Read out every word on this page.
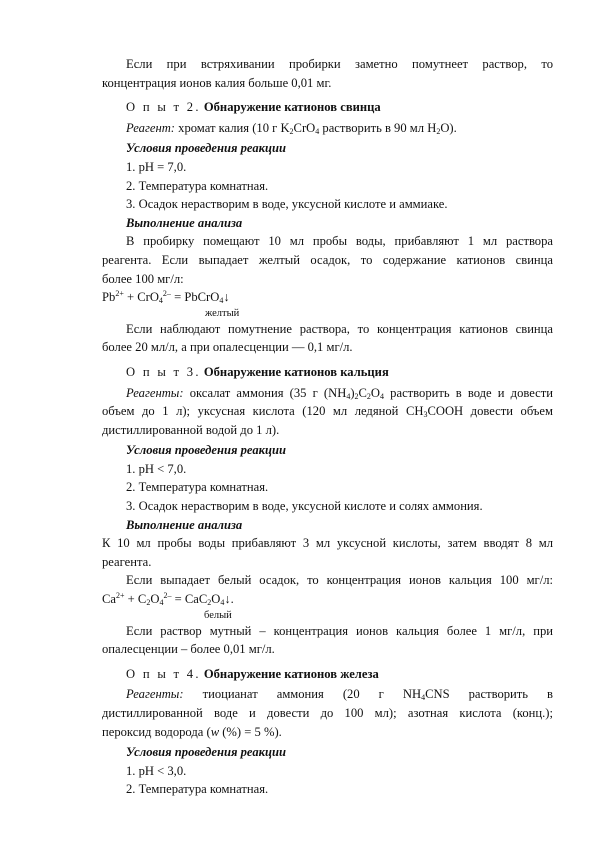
Если при встряхивании пробирки заметно помутнеет раствор, то

концентрация ионов калия больше 0,01 мг.

О п ы т 2. Обнаружение катионов свинца

Реагент: хромат калия (10 г $K_2CrO_4$ растворить в 90 мл $H_2O$).

Условия проведения реакции

1. рН = 7,0.

2. Температура комнатная.

3. Осадок нерастворим в воде, уксусной кислоте и аммиаке.

Выполнение анализа

В пробирку помещают 10 мл пробы воды, прибавляют 1 мл раствора

реагента. Если выпадает желтый осадок, то содержание катионов свинца

более 100 мг/л:

$Pb^{2+} + CrO_4^{2-}$ = PbCrO$_4$↓

желтый

Если наблюдают помутнение раствора, то концентрация катионов свинца

более 20 мл/л, а при опалесценции — 0,1 мг/л.

О п ы т 3. Обнаружение катионов кальция

Реагенты: оксалат аммония (35 г $(NH_4)_2C_2O_4$ растворить в воде и довести

объем до 1 л); уксусная кислота (120 мл ледяной $CH_3COOH$ довести объем

дистиллированной водой до 1 л).

Условия проведения реакции

1. рН < 7,0.

2. Температура комнатная.

3. Осадок нерастворим в воде, уксусной кислоте и солях аммония.

Выполнение анализа

К 10 мл пробы воды прибавляют 3 мл уксусной кислоты, затем вводят 8 мл

реагента.

Если выпадает белый осадок, то концентрация ионов кальция 100 мг/л:

$Ca^{2+} + C_2O_4^{2-}$ = $CaC_2O_4↓$.

белый

Если раствор мутный – концентрация ионов кальция более 1 мг/л, при

опалесценции – более 0,01 мг/л.

О п ы т 4. Обнаружение катионов железа

Реагенты: тиоцианат аммония (20 г $NH_4CNS$ растворить в

дистиллированной воде и довести до 100 мл); азотная кислота (конц.);

пероксид водорода (w (%) = 5 %).

Условия проведения реакции

1. рН < 3,0.

2. Температура комнатная.
